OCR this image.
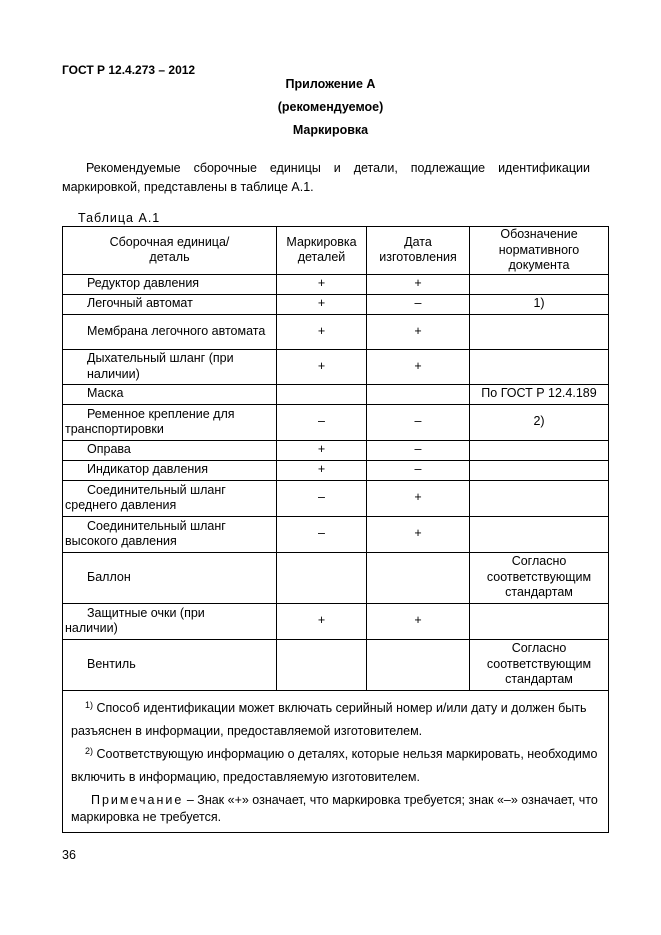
ГОСТ Р 12.4.273 – 2012
Приложение А
(рекомендуемое)
Маркировка
Рекомендуемые сборочные единицы и детали, подлежащие идентификации маркировкой, представлены в таблице А.1.
Таблица А.1
Сборочная единица/деталь	Маркировка деталей	Дата изготовления	Обозначение нормативного документа
Редуктор давления	+	+	
Легочный автомат	+	–	1)
Мембрана легочного автомата	+	+	
Дыхательный шланг (при наличии)	+	+	
Маска			По ГОСТ Р 12.4.189

Ременное крепление для транспортировки	–	–	2)
Оправа	+	–	
Индикатор давления	+	–	

Соединительный шланг среднего давления	–	+	

Соединительный шланг высокого давления	–	+	
Баллон			Согласно соответствующим стандартам

Защитные очки (при наличии)	+	+	
Вентиль			Согласно соответствующим стандартам

$^{1)}$ Способ идентификации может включать серийный номер и/или дату и должен быть разъяснен в информации, предоставляемой изготовителем.
$^{2)}$ Соответствующую информацию о деталях, которые нельзя маркировать, необходимо включить в информацию, предоставляемую изготовителем.
Примечание – Знак «+» означает, что маркировка требуется; знак «–» означает, что маркировка не требуется.			
36
